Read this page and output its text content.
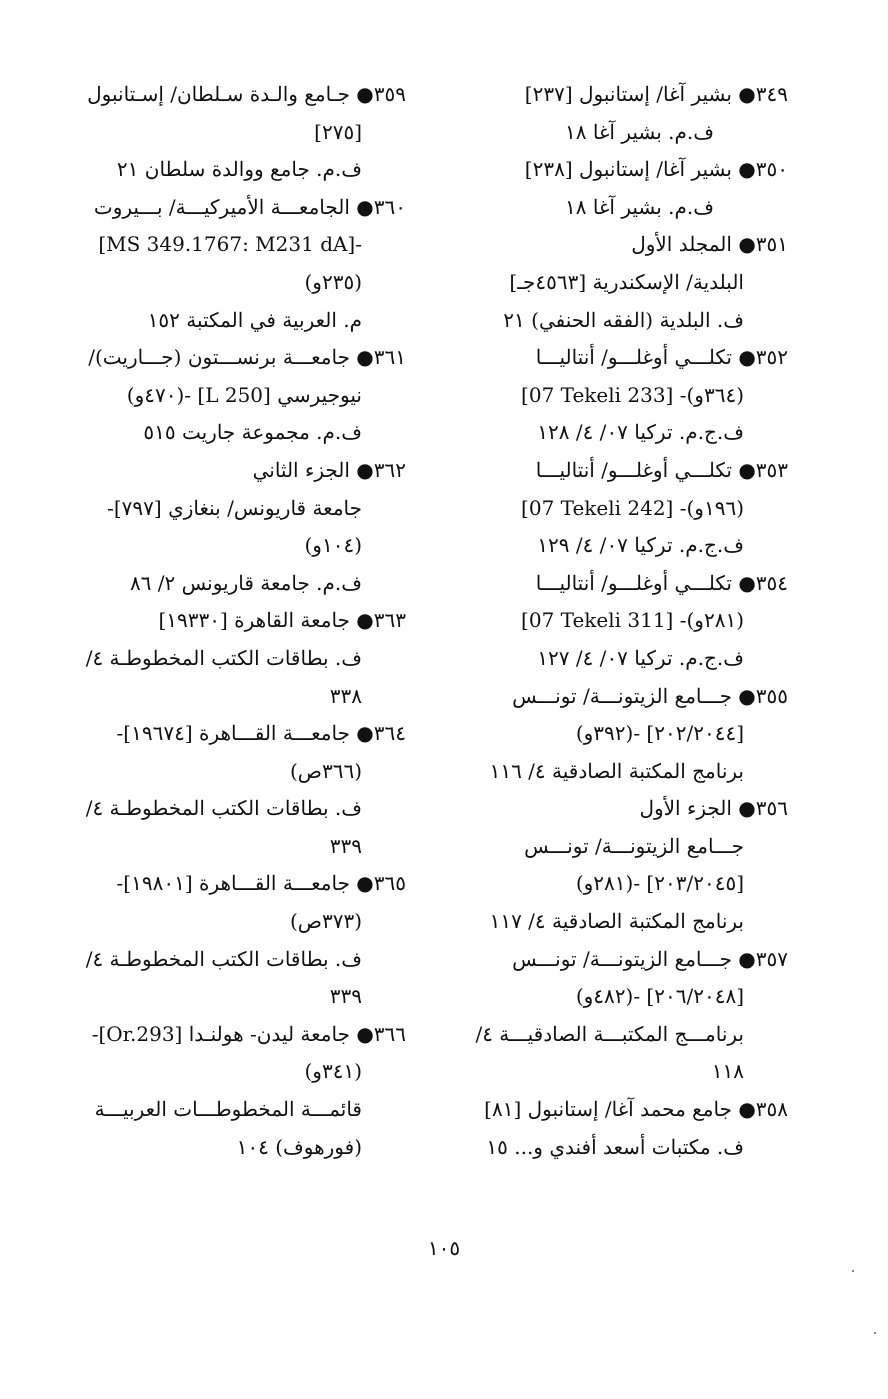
٣٤٩● بشير آغا/ إستانبول [٢٣٧]
ف.م. بشير آغا ١٨
٣٥٠● بشير آغا/ إستانبول [٢٣٨]
ف.م. بشير آغا ١٨
٣٥١● المجلد الأول
البلدية/ الإسكندرية [٤٥٦٣جـ]
ف. البلدية (الفقه الحنفي) ٢١
٣٥٢● تكلـــي أوغلـــو/ أنتاليـــا
[07 Tekeli 233] -(٣٦٤و)
ف.ج.م. تركيا ٠٧/ ٤/ ١٢٨
٣٥٣● تكلـــي أوغلـــو/ أنتاليـــا
[07 Tekeli 242] -(١٩٦و)
ف.ج.م. تركيا ٠٧/ ٤/ ١٢٩
٣٥٤● تكلـــي أوغلـــو/ أنتاليـــا
[07 Tekeli 311] -(٢٨١و)
ف.ج.م. تركيا ٠٧/ ٤/ ١٢٧
٣٥٥● جـــامع الزيتونـــة/ تونـــس
[٢٠٢/٢٠٤٤] -(٣٩٢و)
برنامج المكتبة الصادقية ٤/ ١١٦
٣٥٦● الجزء الأول
جـــامع الزيتونـــة/ تونـــس
[٢٠٣/٢٠٤٥] -(٢٨١و)
برنامج المكتبة الصادقية ٤/ ١١٧
٣٥٧● جـــامع الزيتونـــة/ تونـــس
[٢٠٦/٢٠٤٨] -(٤٨٢و)
برنامـــج المكتبـــة الصادقيـــة ٤/
١١٨
٣٥٨● جامع محمد آغا/ إستانبول [٨١]
ف. مكتبات أسعد أفندي و... ١٥
٣٥٩● جـامع والـدة سـلطان/ إسـتانبول
[٢٧٥]
ف.م. جامع ووالدة سلطان ٢١
٣٦٠● الجامعـــة الأميركيـــة/ بـــيروت
[MS 349.1767: M231 dA]-
(٢٣٥و)
م. العربية في المكتبة ١٥٢
٣٦١● جامعـــة برنســـتون (جـــاريت)/
نيوجيرسي [250 L] -(٤٧٠و)
ف.م. مجموعة جاريت ٥١٥
٣٦٢● الجزء الثاني
جامعة قاريونس/ بنغازي [٧٩٧]-
(١٠٤و)
ف.م. جامعة قاريونس ٢/ ٨٦
٣٦٣● جامعة القاهرة [١٩٣٣٠]
ف. بطاقات الكتب المخطوطـة ٤/
٣٣٨
٣٦٤● جامعـــة القـــاهرة [١٩٦٧٤]-
(٣٦٦ص)
ف. بطاقات الكتب المخطوطـة ٤/
٣٣٩
٣٦٥● جامعـــة القـــاهرة [١٩٨٠١]-
(٣٧٣ص)
ف. بطاقات الكتب المخطوطـة ٤/
٣٣٩
٣٦٦● جامعة ليدن- هولنـدا [Or.293]-
(٣٤١و)
قائمـــة المخطوطـــات العربيـــة
(فورهوف) ١٠٤
١٠٥
